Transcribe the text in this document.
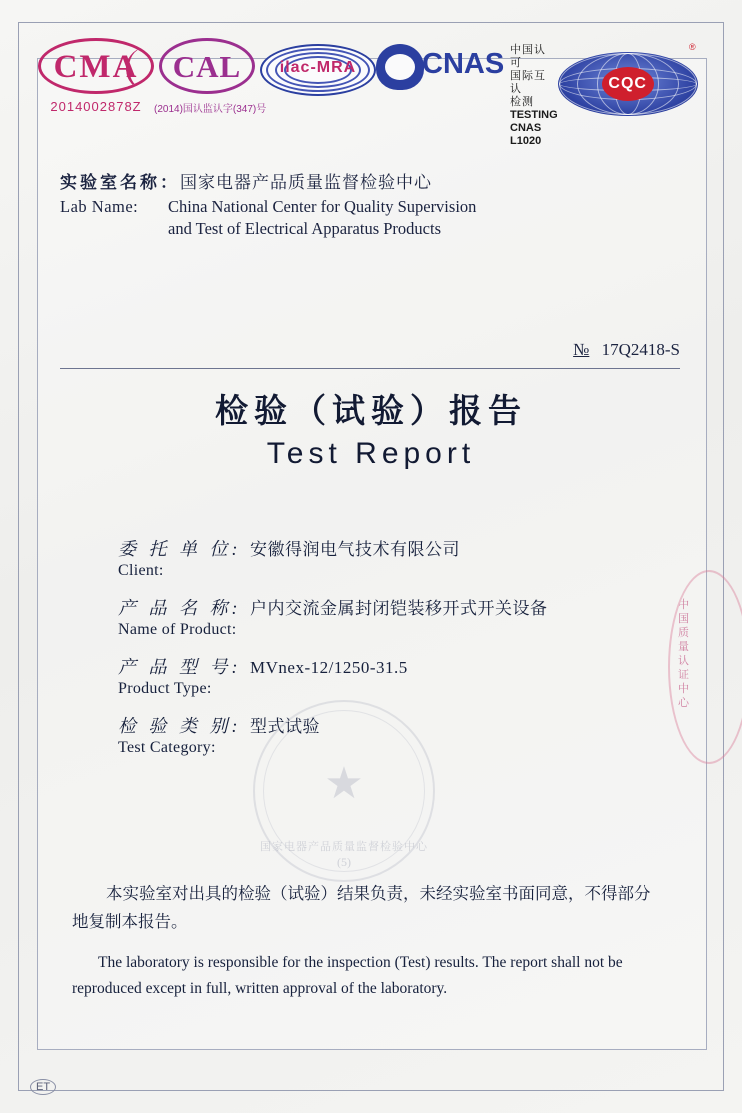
CMA
2014002878Z
CAL
(2014)国认监认字(347)号
ilac-MRA	CNAS 中国认可
国际互认
检测
TESTING
CNAS L1020
CQC
®
实验室名称：国家电器产品质量监督检验中心
Lab Name:	China National Center for Quality Supervision
and Test of Electrical Apparatus Products
№ 17Q2418-S
检验（试验）报告
Test Report
委 托 单 位: 安徽得润电气技术有限公司
Client:
产 品 名 称: 户内交流金属封闭铠装移开式开关设备
Name of Product:
产 品 型 号: MVnex-12/1250-31.5
Product Type:
检 验 类 别: 型式试验
Test Category:
★
国家电器产品质量监督检验中心
(5)
中国质量认证中心
本实验室对出具的检验（试验）结果负责，未经实验室书面同意，不得部分地复制本报告。
The laboratory is responsible for the inspection (Test) results. The report shall not be reproduced except in full, written approval of the laboratory.
ET
